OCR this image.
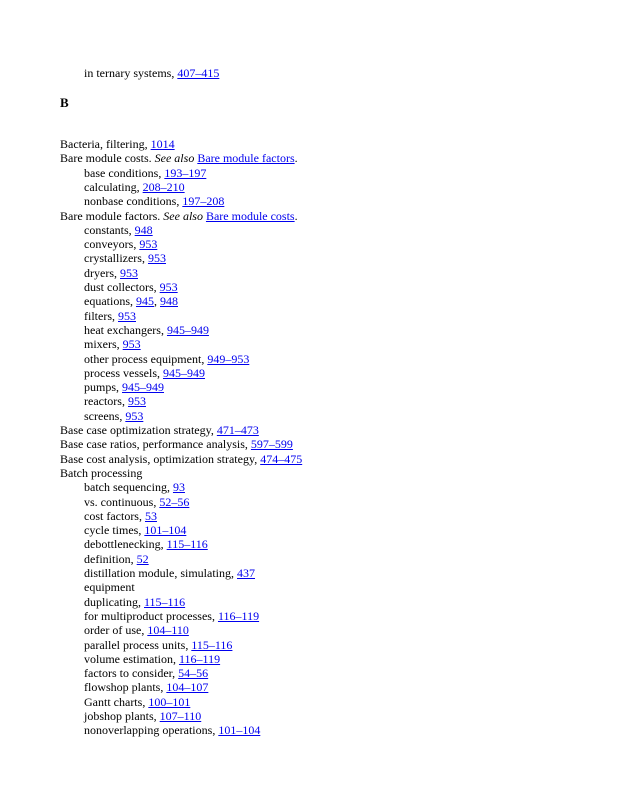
in ternary systems, 407–415
B
Bacteria, filtering, 1014
Bare module costs. See also Bare module factors.
base conditions, 193–197
calculating, 208–210
nonbase conditions, 197–208
Bare module factors. See also Bare module costs.
constants, 948
conveyors, 953
crystallizers, 953
dryers, 953
dust collectors, 953
equations, 945, 948
filters, 953
heat exchangers, 945–949
mixers, 953
other process equipment, 949–953
process vessels, 945–949
pumps, 945–949
reactors, 953
screens, 953
Base case optimization strategy, 471–473
Base case ratios, performance analysis, 597–599
Base cost analysis, optimization strategy, 474–475
Batch processing
batch sequencing, 93
vs. continuous, 52–56
cost factors, 53
cycle times, 101–104
debottlenecking, 115–116
definition, 52
distillation module, simulating, 437
equipment
duplicating, 115–116
for multiproduct processes, 116–119
order of use, 104–110
parallel process units, 115–116
volume estimation, 116–119
factors to consider, 54–56
flowshop plants, 104–107
Gantt charts, 100–101
jobshop plants, 107–110
nonoverlapping operations, 101–104
